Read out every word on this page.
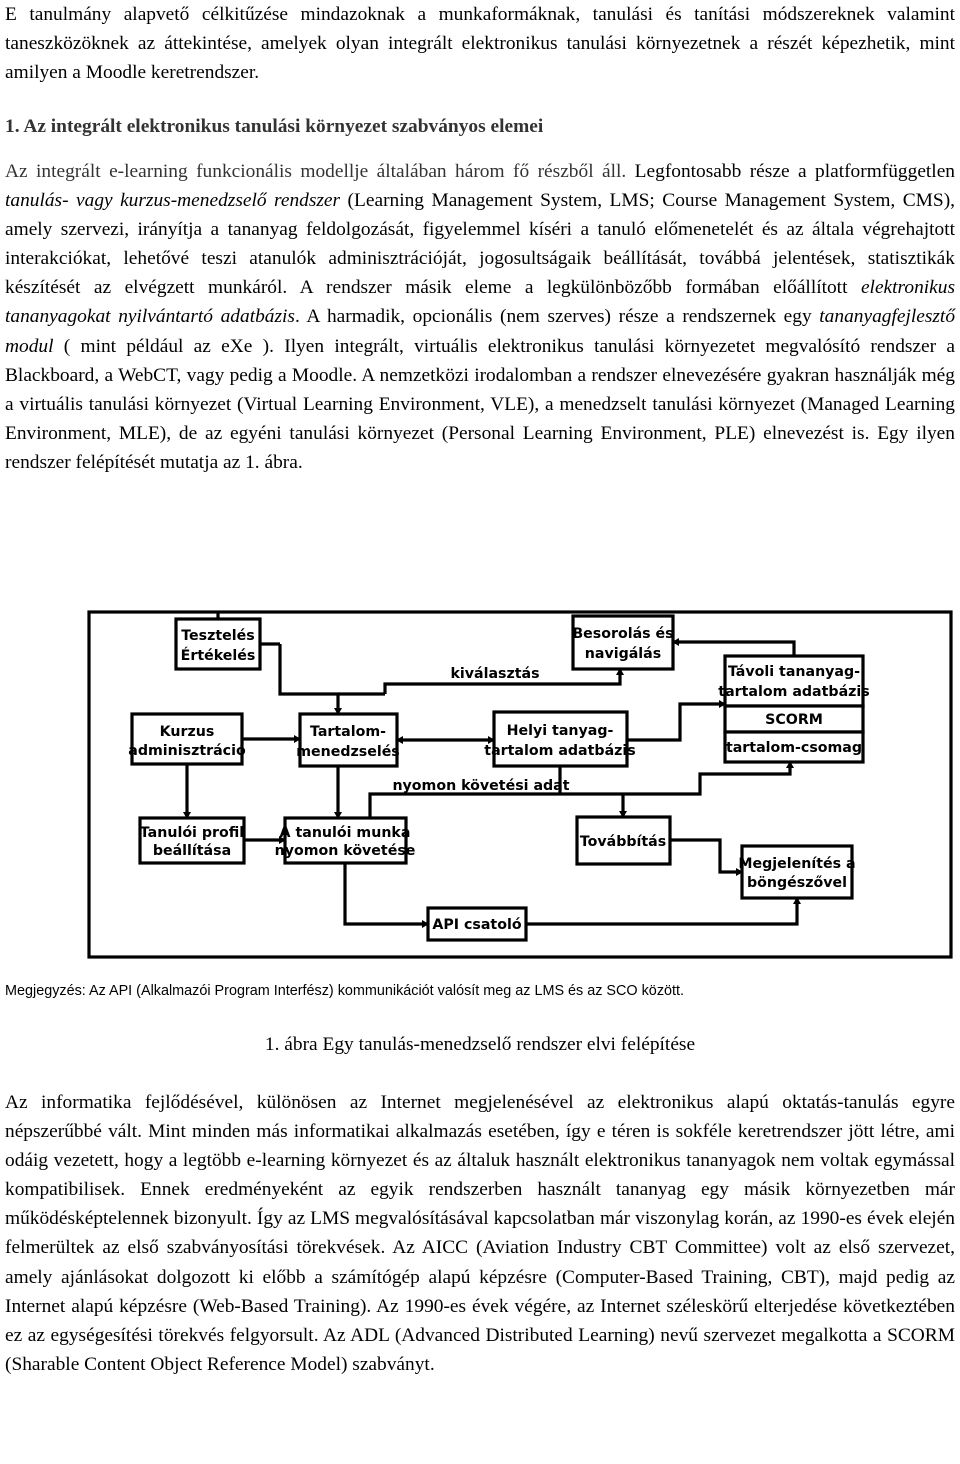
E tanulmány alapvető célkitűzése mindazoknak a munkaformáknak, tanulási és tanítási módszereknek valamint taneszközöknek az áttekintése, amelyek olyan integrált elektronikus tanulási környezetnek a részét képezhetik, mint amilyen a Moodle keretrendszer.

1. Az integrált elektronikus tanulási környezet szabványos elemei

Az integrált e-learning funkcionális modellje általában három fő részből áll. Legfontosabb része a platformfüggetlen tanulás- vagy kurzus-menedzselő rendszer (Learning Management System, LMS; Course Management System, CMS), amely szervezi, irányítja a tananyag feldolgozását, figyelemmel kíséri a tanuló előmenetelét és az általa végrehajtott interakciókat, lehetővé teszi atanulók adminisztrációját, jogosultságaik beállítását, továbbá jelentések, statisztikák készítését az elvégzett munkáról. A rendszer másik eleme a legkülönbözőbb formában előállított elektronikus tananyagokat nyilvántartó adatbázis. A harmadik, opcionális (nem szerves) része a rendszernek egy tananyagfejlesztő modul ( mint például az eXe ). Ilyen integrált, virtuális elektronikus tanulási környezetet megvalósító rendszer a Blackboard, a WebCT, vagy pedig a Moodle. A nemzetközi irodalomban a rendszer elnevezésére gyakran használják még a virtuális tanulási környezet (Virtual Learning Environment, VLE), a menedzselt tanulási környezet (Managed Learning Environment, MLE), de az egyéni tanulási környezet (Personal Learning Environment, PLE) elnevezést is. Egy ilyen rendszer felépítését mutatja az 1. ábra.

Tesztelés
Értékelés
Besorolás és
navigálás
Távoli tananyag-
tartalom adatbázis
SCORM
tartalom-csomag
Kurzus
adminisztráció
Tartalom-
menedzselés
Helyi tanyag-
tartalom adatbázis
Tanulói profil
beállítása
A tanulói munka
nyomon követése
Továbbítás
Megjelenítés a
böngészővel
API csatoló
kiválasztás
nyomon követési adat
Megjegyzés: Az API (Alkalmazói Program Interfész) kommunikációt valósít meg az LMS és az SCO között.
1. ábra Egy tanulás-menedzselő rendszer elvi felépítése

Az informatika fejlődésével, különösen az Internet megjelenésével az elektronikus alapú oktatás-tanulás egyre népszerűbbé vált. Mint minden más informatikai alkalmazás esetében, így e téren is sokféle keretrendszer jött létre, ami odáig vezetett, hogy a legtöbb e-learning környezet és az általuk használt elektronikus tananyagok nem voltak egymással kompatibilisek. Ennek eredményeként az egyik rendszerben használt tananyag egy másik környezetben már működésképtelennek bizonyult. Így az LMS megvalósításával kapcsolatban már viszonylag korán, az 1990-es évek elején felmerültek az első szabványosítási törekvések. Az AICC (Aviation Industry CBT Committee) volt az első szervezet, amely ajánlásokat dolgozott ki előbb a számítógép alapú képzésre (Computer-Based Training, CBT), majd pedig az Internet alapú képzésre (Web-Based Training). Az 1990-es évek végére, az Internet széleskörű elterjedése következtében ez az egységesítési törekvés felgyorsult. Az ADL (Advanced Distributed Learning) nevű szervezet megalkotta a SCORM (Sharable Content Object Reference Model) szabványt.
